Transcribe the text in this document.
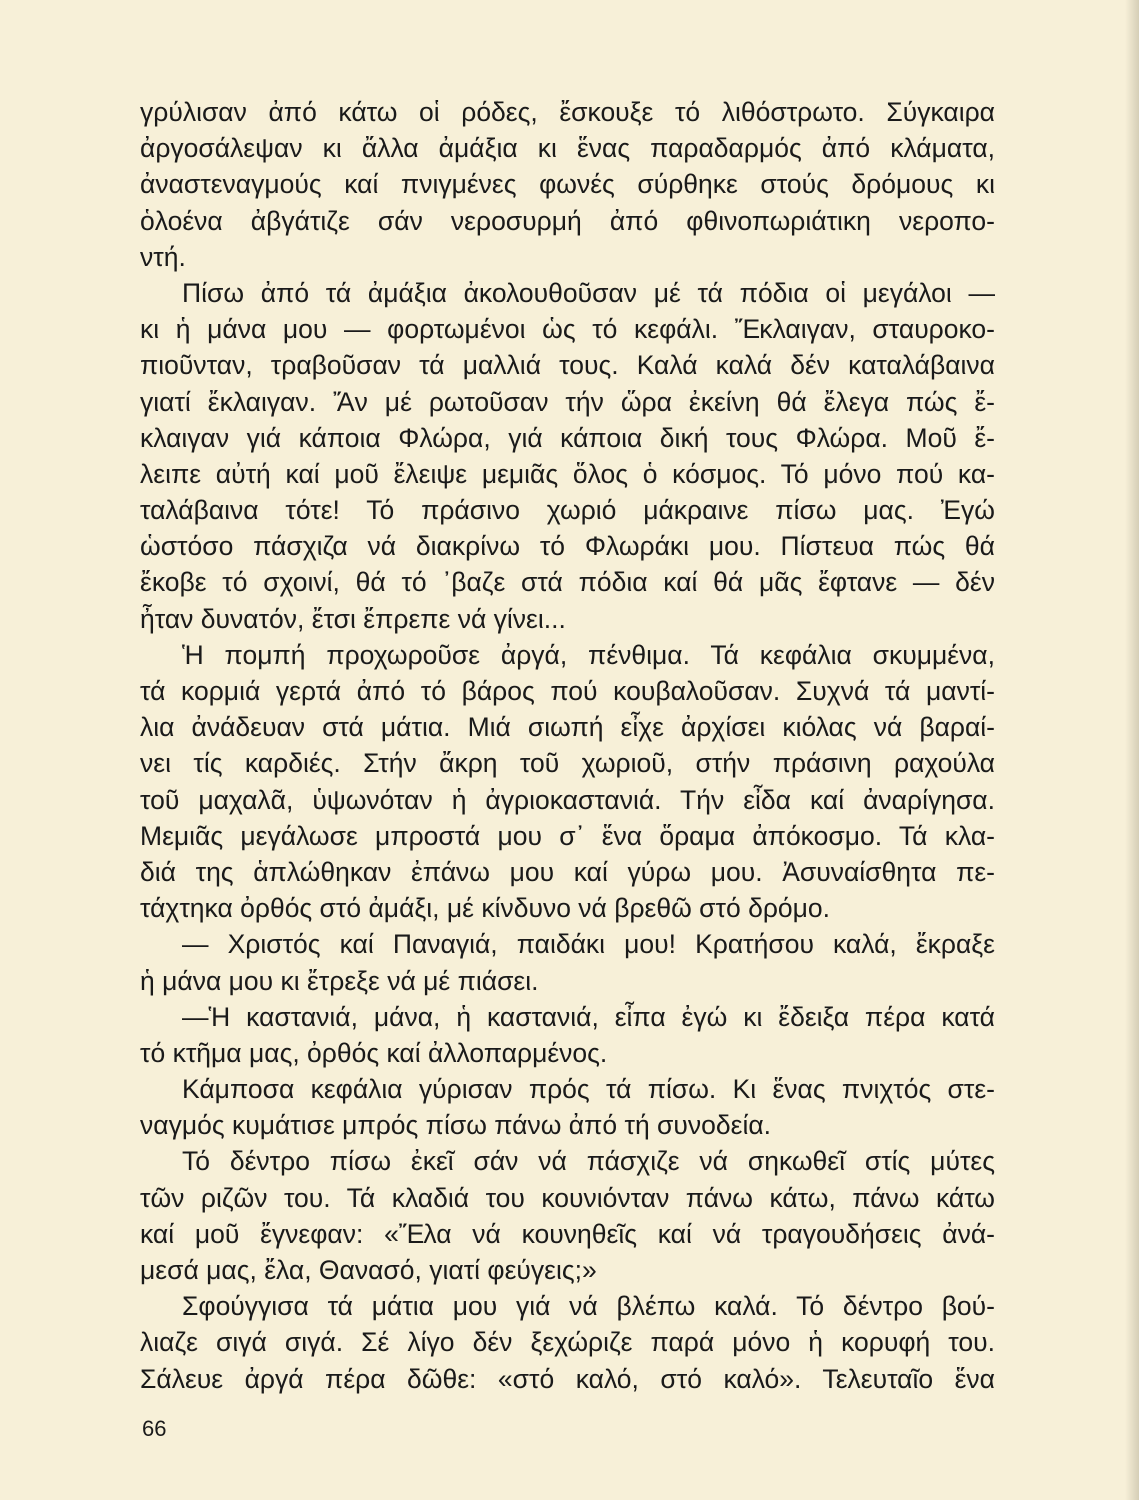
γρύλισαν ἀπό κάτω οἱ ρόδες, ἔσκουξε τό λιθόστρωτο. Σύγκαιρα
ἀργοσάλεψαν κι ἄλλα ἀμάξια κι ἕνας παραδαρμός ἀπό κλάματα,
ἀναστεναγμούς καί πνιγμένες φωνές σύρθηκε στούς δρόμους κι
ὁλοένα ἀβγάτιζε σάν νεροσυρμή ἀπό φθινοπωριάτικη νεροπο-
ντή.
Πίσω ἀπό τά ἀμάξια ἀκολουθοῦσαν μέ τά πόδια οἱ μεγάλοι —
κι ἡ μάνα μου — φορτωμένοι ὡς τό κεφάλι. Ἔκλαιγαν, σταυροκο-
πιοῦνταν, τραβοῦσαν τά μαλλιά τους. Καλά καλά δέν καταλάβαινα
γιατί ἔκλαιγαν. Ἄν μέ ρωτοῦσαν τήν ὥρα ἐκείνη θά ἔλεγα πώς ἔ-
κλαιγαν γιά κάποια Φλώρα, γιά κάποια δική τους Φλώρα. Μοῦ ἔ-
λειπε αὐτή καί μοῦ ἔλειψε μεμιᾶς ὅλος ὁ κόσμος. Τό μόνο πού κα-
ταλάβαινα τότε! Τό πράσινο χωριό μάκραινε πίσω μας. Ἐγώ
ὡστόσο πάσχιζα νά διακρίνω τό Φλωράκι μου. Πίστευα πώς θά
ἔκοβε τό σχοινί, θά τό ᾿βαζε στά πόδια καί θά μᾶς ἔφτανε — δέν
ἦταν δυνατόν, ἔτσι ἔπρεπε νά γίνει...
Ἡ πομπή προχωροῦσε ἀργά, πένθιμα. Τά κεφάλια σκυμμένα,
τά κορμιά γερτά ἀπό τό βάρος πού κουβαλοῦσαν. Συχνά τά μαντί-
λια ἀνάδευαν στά μάτια. Μιά σιωπή εἶχε ἀρχίσει κιόλας νά βαραί-
νει τίς καρδιές. Στήν ἄκρη τοῦ χωριοῦ, στήν πράσινη ραχούλα
τοῦ μαχαλᾶ, ὑψωνόταν ἡ ἀγριοκαστανιά. Τήν εἶδα καί ἀναρίγησα.
Μεμιᾶς μεγάλωσε μπροστά μου σ᾿ ἕνα ὅραμα ἀπόκοσμο. Τά κλα-
διά της ἁπλώθηκαν ἐπάνω μου καί γύρω μου. Ἀσυναίσθητα πε-
τάχτηκα ὀρθός στό ἀμάξι, μέ κίνδυνο νά βρεθῶ στό δρόμο.
— Χριστός καί Παναγιά, παιδάκι μου! Κρατήσου καλά, ἔκραξε
ἡ μάνα μου κι ἔτρεξε νά μέ πιάσει.
—Ἡ καστανιά, μάνα, ἡ καστανιά, εἶπα ἐγώ κι ἔδειξα πέρα κατά
τό κτῆμα μας, ὀρθός καί ἀλλοπαρμένος.
Κάμποσα κεφάλια γύρισαν πρός τά πίσω. Κι ἕνας πνιχτός στε-
ναγμός κυμάτισε μπρός πίσω πάνω ἀπό τή συνοδεία.
Τό δέντρο πίσω ἐκεῖ σάν νά πάσχιζε νά σηκωθεῖ στίς μύτες
τῶν ριζῶν του. Τά κλαδιά του κουνιόνταν πάνω κάτω, πάνω κάτω
καί μοῦ ἔγνεφαν: «Ἔλα νά κουνηθεῖς καί νά τραγουδήσεις ἀνά-
μεσά μας, ἔλα, Θανασό, γιατί φεύγεις;»
Σφούγγισα τά μάτια μου γιά νά βλέπω καλά. Τό δέντρο βού-
λιαζε σιγά σιγά. Σέ λίγο δέν ξεχώριζε παρά μόνο ἡ κορυφή του.
Σάλευε ἀργά πέρα δῶθε: «στό καλό, στό καλό». Τελευταῖο ἕνα
66
